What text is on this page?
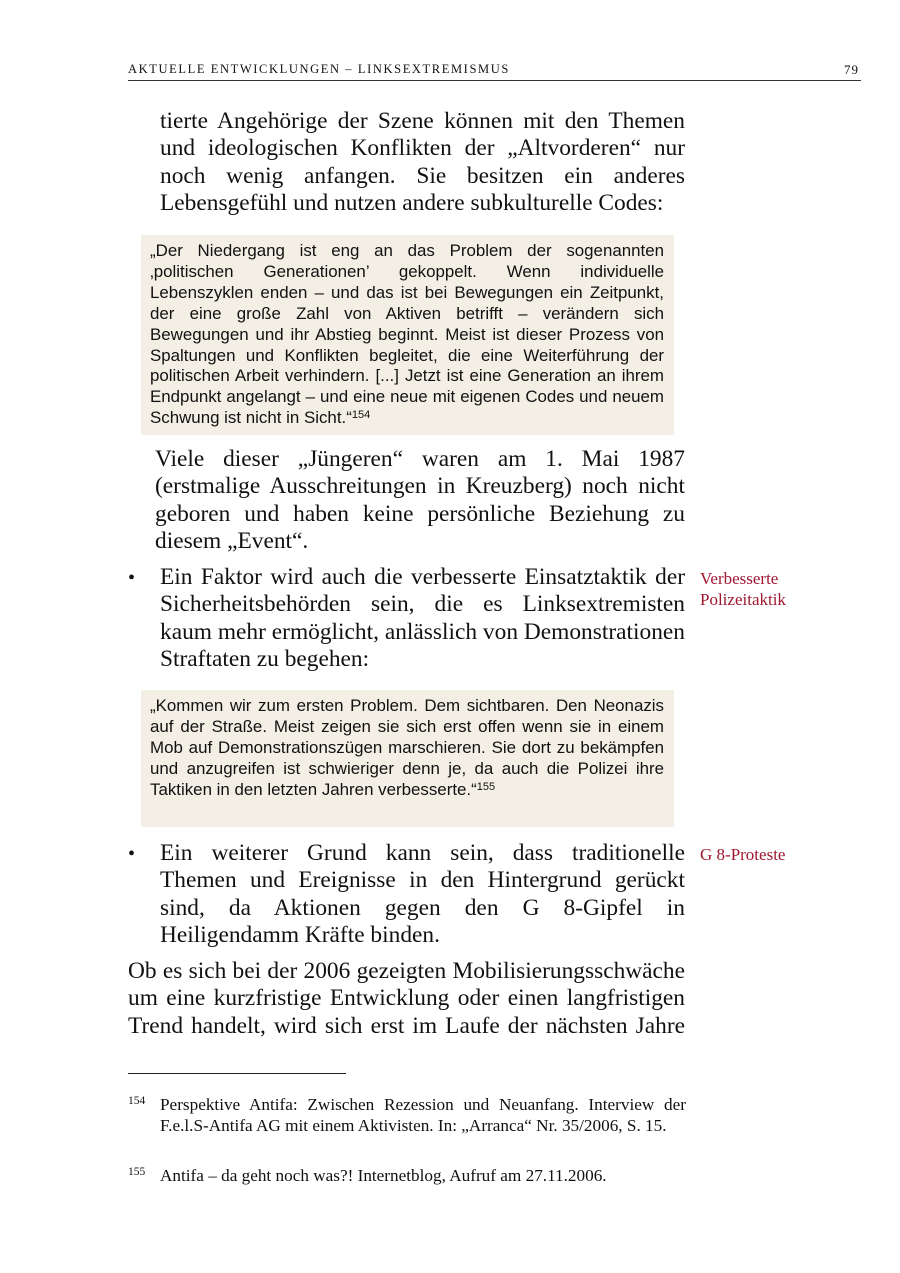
AKTUELLE ENTWICKLUNGEN – LINKSEXTREMISMUS	79
tierte Angehörige der Szene können mit den Themen und ideologischen Konflikten der „Altvorderen“ nur noch wenig anfangen. Sie besitzen ein anderes Lebensgefühl und nutzen andere subkulturelle Codes:
„Der Niedergang ist eng an das Problem der sogenannten ‚politischen Generationen’ gekoppelt. Wenn individuelle Lebenszyklen enden – und das ist bei Bewegungen ein Zeitpunkt, der eine große Zahl von Aktiven betrifft – verändern sich Bewegungen und ihr Abstieg beginnt. Meist ist dieser Prozess von Spaltungen und Konflikten begleitet, die eine Weiterführung der politischen Arbeit verhindern. [...] Jetzt ist eine Generation an ihrem Endpunkt angelangt – und eine neue mit eigenen Codes und neuem Schwung ist nicht in Sicht.“$^{154}$
Viele dieser „Jüngeren“ waren am 1. Mai 1987 (erstmalige Ausschreitungen in Kreuzberg) noch nicht geboren und haben keine persönliche Beziehung zu diesem „Event“.
• Ein Faktor wird auch die verbesserte Einsatztaktik der Sicherheitsbehörden sein, die es Linksextremisten kaum mehr ermöglicht, anlässlich von Demonstrationen Straftaten zu begehen:
Verbesserte
Polizeitaktik
„Kommen wir zum ersten Problem. Dem sichtbaren. Den Neonazis auf der Straße. Meist zeigen sie sich erst offen wenn sie in einem Mob auf Demonstrationszügen marschieren. Sie dort zu bekämpfen und anzugreifen ist schwieriger denn je, da auch die Polizei ihre Taktiken in den letzten Jahren verbesserte.“$^{155}$
• Ein weiterer Grund kann sein, dass traditionelle Themen und Ereignisse in den Hintergrund gerückt sind, da Aktionen gegen den G 8-Gipfel in Heiligendamm Kräfte binden.
G 8-Proteste
Ob es sich bei der 2006 gezeigten Mobilisierungsschwäche um eine kurzfristige Entwicklung oder einen langfristigen Trend handelt, wird sich erst im Laufe der nächsten Jahre
154 Perspektive Antifa: Zwischen Rezession und Neuanfang. Interview der F.e.l.S-Antifa AG mit einem Aktivisten. In: „Arranca“ Nr. 35/2006, S. 15.
155 Antifa – da geht noch was?! Internetblog, Aufruf am 27.11.2006.
